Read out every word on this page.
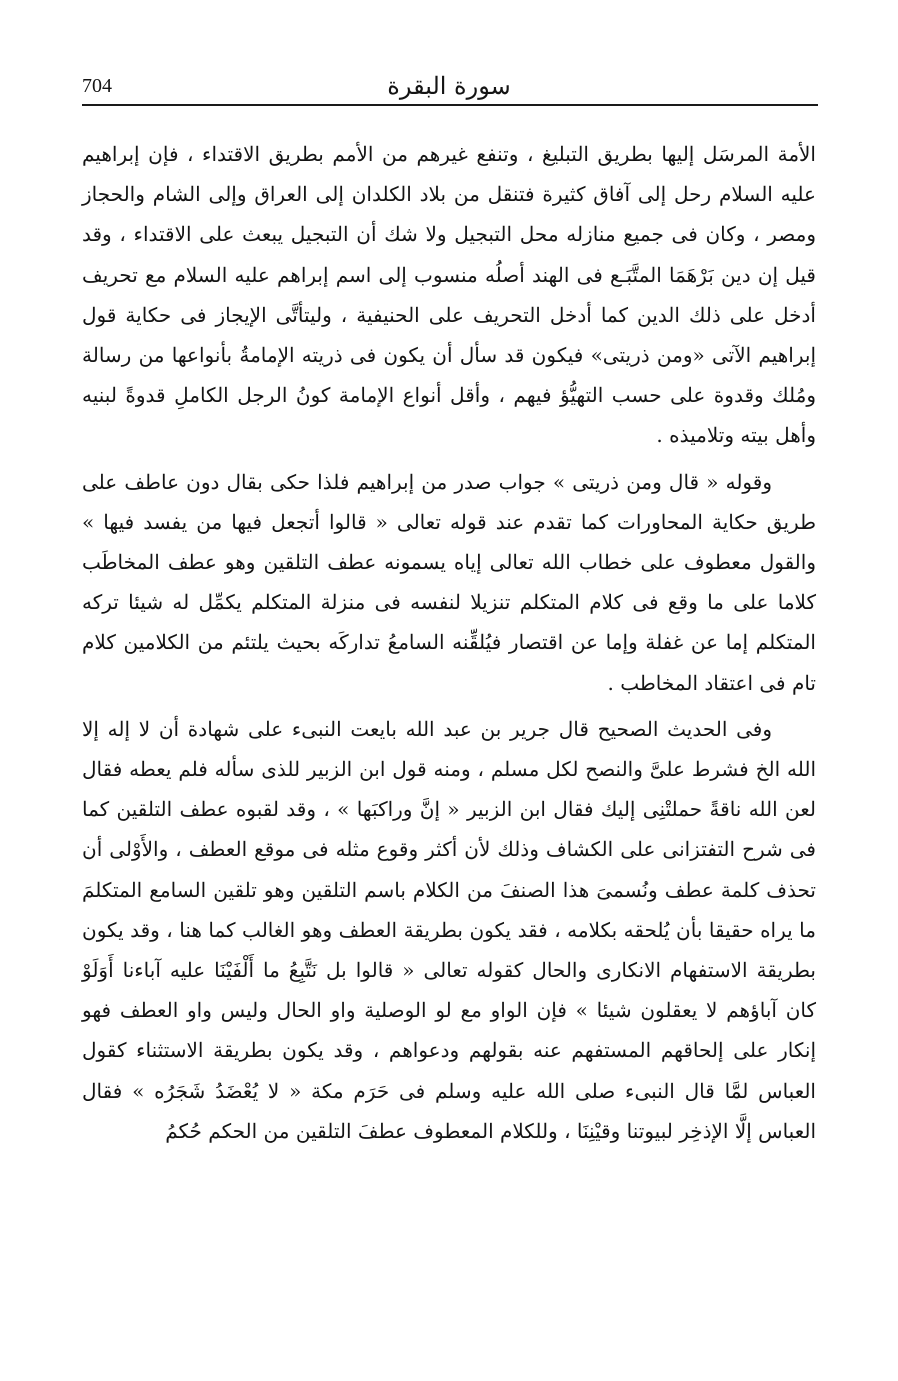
704	سورة البقرة

الأمة المرسَل إليها بطريق التبليغ ، وتنفع غيرهم من الأمم بطريق الاقتداء ، فإن إبراهيم عليه السلام رحل إلى آفاق كثيرة فتنقل من بلاد الكلدان إلى العراق وإلى الشام والحجاز ومصر ، وكان فى جميع منازله محل التبجيل ولا شك أن التبجيل يبعث على الاقتداء ، وقد قيل إن دين بَرْهَمَا المتَّبَـع فى الهند أصلُه منسوب إلى اسم إبراهم عليه السلام مع تحريف أدخل على ذلك الدين كما أدخل التحريف على الحنيفية ، وليتأتَّى الإيجاز فى حكاية قول إبراهيم الآتى «ومن ذريتى» فيكون قد سأل أن يكون فى ذريته الإمامةُ بأنواعها من رسالة ومُلك وقدوة على حسب التهيُّؤ فيهم ، وأقل أنواع الإمامة كونُ الرجل الكاملِ قدوةً لبنيه وأهل بيته وتلاميذه .

وقوله « قال ومن ذريتى » جواب صدر من إبراهيم فلذا حكى بقال دون عاطف على طريق حكاية المحاورات كما تقدم عند قوله تعالى « قالوا أتجعل فيها من يفسد فيها » والقول معطوف على خطاب الله تعالى إياه يسمونه عطف التلقين وهو عطف المخاطَب كلاما على ما وقع فى كلام المتكلم تنزيلا لنفسه فى منزلة المتكلم يكمِّل له شيئا تركه المتكلم إما عن غفلة وإما عن اقتصار فيُلقِّنه السامعُ تداركَه بحيث يلتئم من الكلامين كلام تام فى اعتقاد المخاطب .

وفى الحديث الصحيح قال جرير بن عبد الله بايعت النبىء على شهادة أن لا إله إلا الله الخ فشرط علىَّ والنصح لكل مسلم ، ومنه قول ابن الزبير للذى سأله فلم يعطه فقال لعن الله ناقةً حملتْنِى إليك فقال ابن الزبير « إنَّ وراكبَها » ، وقد لقبوه عطف التلقين كما فى شرح التفتزانى على الكشاف وذلك لأن أكثر وقوع مثله فى موقع العطف ، والأَوْلى أن تحذف كلمة عطف ونُسمىَ هذا الصنفَ من الكلام باسم التلقين وهو تلقين السامع المتكلمَ ما يراه حقيقا بأن يُلحقه بكلامه ، فقد يكون بطريقة العطف وهو الغالب كما هنا ، وقد يكون بطريقة الاستفهام الانكارى والحال كقوله تعالى « قالوا بل نَتَّبِعُ ما أَلْفَيْنَا عليه آباءنا أَوَلَوْ كان آباؤهم لا يعقلون شيئا » فإن الواو مع لو الوصلية واو الحال وليس واو العطف فهو إنكار على إلحاقهم المستفهم عنه بقولهم ودعواهم ، وقد يكون بطريقة الاستثناء كقول العباس لمَّا قال النبىء صلى الله عليه وسلم فى حَرَم مكة « لا يُعْضَدُ شَجَرُه » فقال العباس إلَّا الإذخِر لبيوتنا وقيْنِنَا ، وللكلام المعطوف عطفَ التلقين من الحكم حُكمُ
